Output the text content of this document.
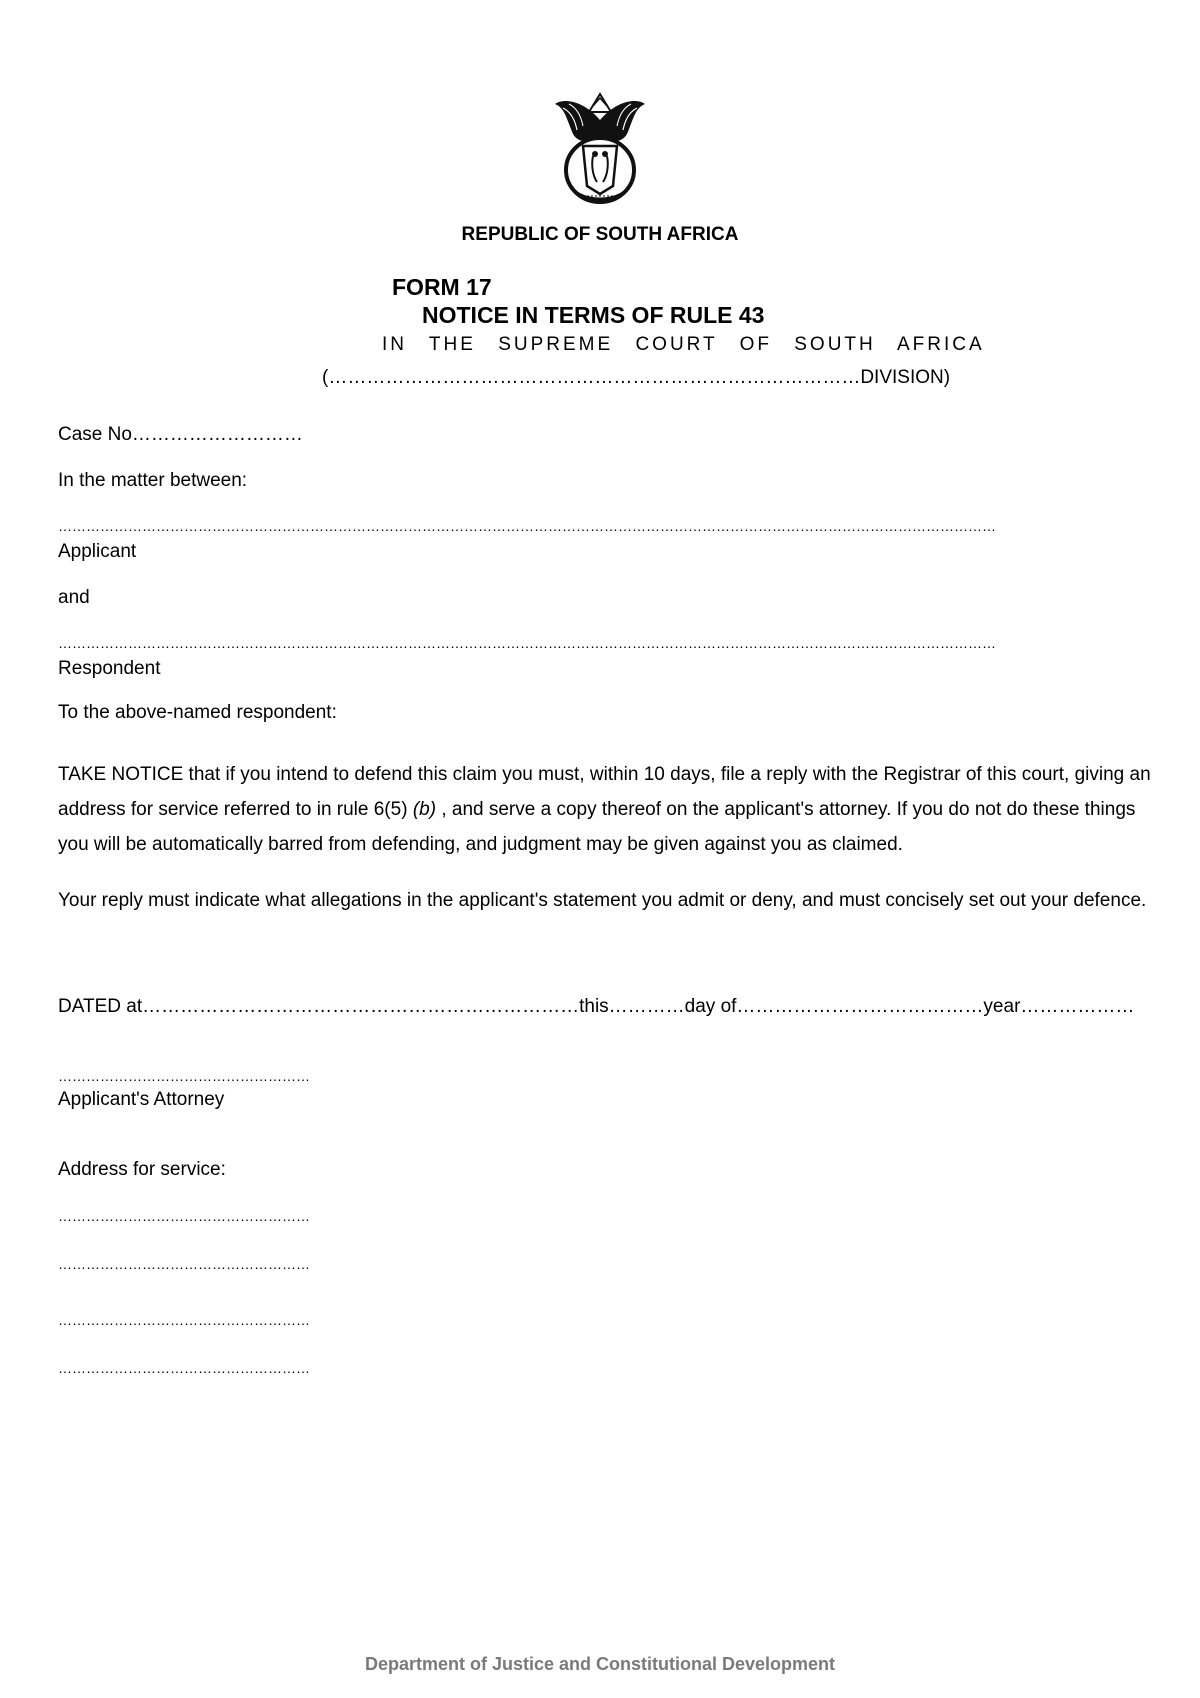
REPUBLIC OF SOUTH AFRICA
FORM 17
NOTICE IN TERMS OF RULE 43
IN THE SUPREME COURT OF SOUTH AFRICA
(…………………………………………………………………………DIVISION)
Case No………………………
In the matter between:
…………………………………………………………………………………………………………………………………………………………………………………
Applicant
and
…………………………………………………………………………………………………………………………………………………………………………………
Respondent
To the above-named respondent:
TAKE NOTICE that if you intend to defend this claim you must, within 10 days, file a reply with the Registrar of this court, giving an address for service referred to in rule 6(5) (b) , and serve a copy thereof on the applicant's attorney. If you do not do these things you will be automatically barred from defending, and judgment may be given against you as claimed.
Your reply must indicate what allegations in the applicant's statement you admit or deny, and must concisely set out your defence.
DATED at……………………………………………………………this…………day of…………………………………year………………
………………………………………………
Applicant's Attorney
Address for service:
………………………………………………
………………………………………………
………………………………………………
………………………………………………
Department of Justice and Constitutional Development
